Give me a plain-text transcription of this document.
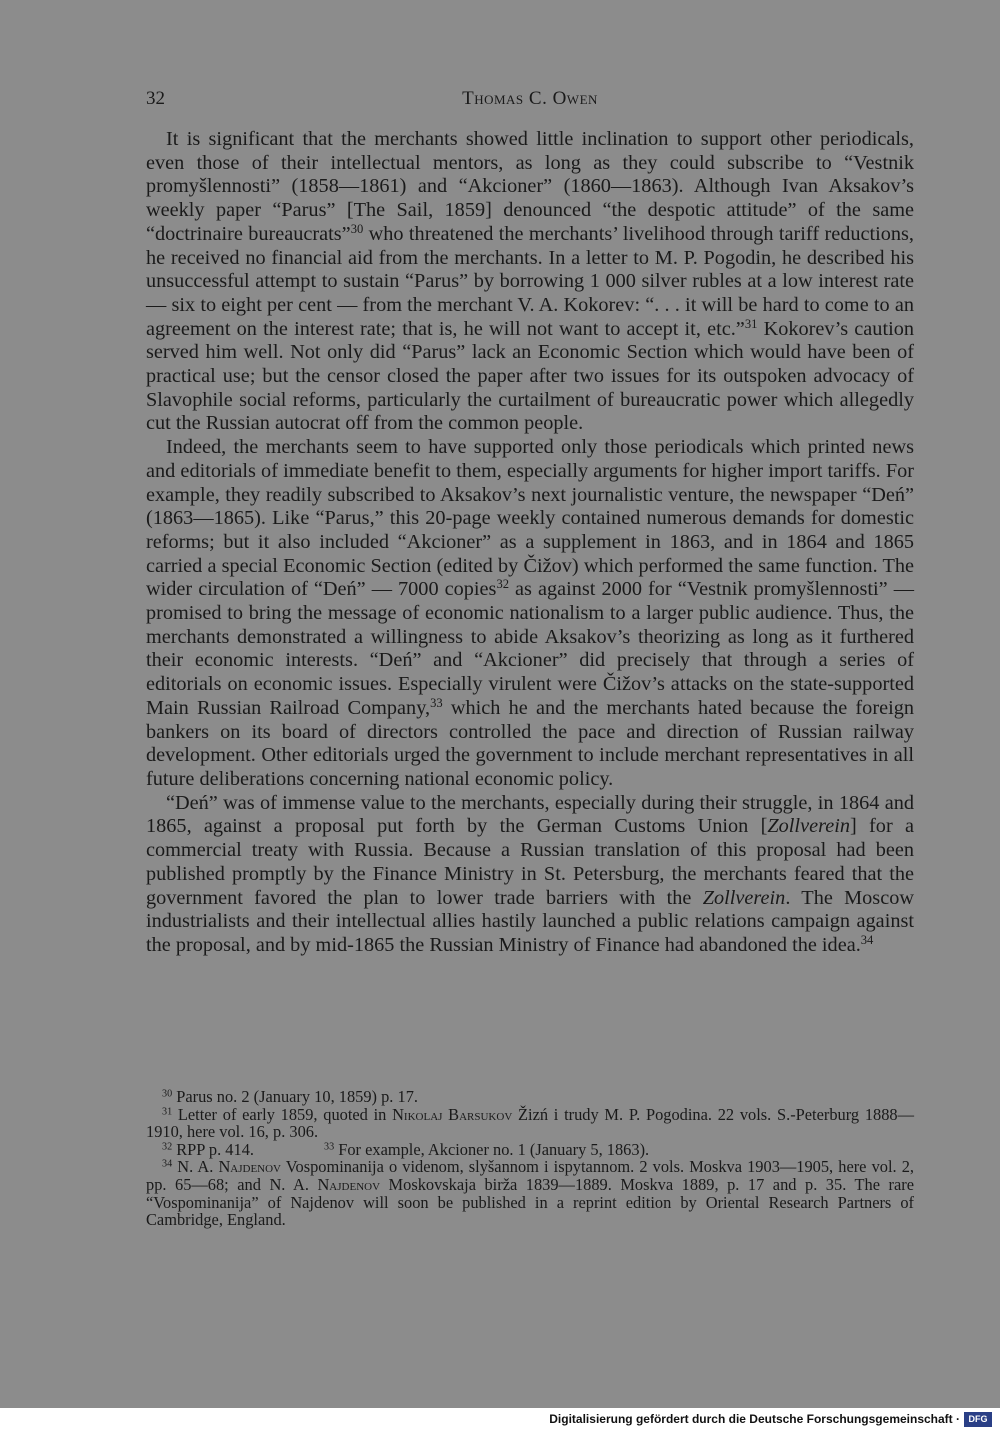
32	Thomas C. Owen

It is significant that the merchants showed little inclination to support other periodicals, even those of their intellectual mentors, as long as they could subscribe to “Vestnik promyšlennosti” (1858—1861) and “Akcioner” (1860—1863). Although Ivan Aksakov’s weekly paper “Parus” [The Sail, 1859] denounced “the despotic attitude” of the same “doctrinaire bureaucrats”$^{30}$ who threatened the merchants’ livelihood through tariff reductions, he received no financial aid from the merchants. In a letter to M. P. Pogodin, he described his unsuccessful attempt to sustain “Parus” by borrowing 1 000 silver rubles at a low interest rate — six to eight per cent — from the merchant V. A. Kokorev: “. . . it will be hard to come to an agreement on the interest rate; that is, he will not want to accept it, etc.”$^{31}$ Kokorev’s caution served him well. Not only did “Parus” lack an Economic Section which would have been of practical use; but the censor closed the paper after two issues for its outspoken advocacy of Slavophile social reforms, particularly the curtailment of bureaucratic power which allegedly cut the Russian autocrat off from the common people.

Indeed, the merchants seem to have supported only those periodicals which printed news and editorials of immediate benefit to them, especially arguments for higher import tariffs. For example, they readily subscribed to Aksakov’s next journalistic venture, the newspaper “Deń” (1863—1865). Like “Parus,” this 20-page weekly contained numerous demands for domestic reforms; but it also included “Akcioner” as a supplement in 1863, and in 1864 and 1865 carried a special Economic Section (edited by Čižov) which performed the same function. The wider circulation of “Deń” — 7000 copies$^{32}$ as against 2000 for “Vestnik promyšlennosti” — promised to bring the message of economic nationalism to a larger public audience. Thus, the merchants demonstrated a willingness to abide Aksakov’s theorizing as long as it furthered their economic interests. “Deń” and “Akcioner” did precisely that through a series of editorials on economic issues. Especially virulent were Čižov’s attacks on the state-supported Main Russian Railroad Company,$^{33}$ which he and the merchants hated because the foreign bankers on its board of directors controlled the pace and direction of Russian railway development. Other editorials urged the government to include merchant representatives in all future deliberations concerning national economic policy.

“Deń” was of immense value to the merchants, especially during their struggle, in 1864 and 1865, against a proposal put forth by the German Customs Union [Zollverein] for a commercial treaty with Russia. Because a Russian translation of this proposal had been published promptly by the Finance Ministry in St. Petersburg, the merchants feared that the government favored the plan to lower trade barriers with the Zollverein. The Moscow industrialists and their intellectual allies hastily launched a public relations campaign against the proposal, and by mid-1865 the Russian Ministry of Finance had abandoned the idea.$^{34}$

$^{30}$ Parus no. 2 (January 10, 1859) p. 17.

$^{31}$ Letter of early 1859, quoted in Nikolaj Barsukov Žizń i trudy M. P. Pogodina. 22 vols. S.-Peterburg 1888—1910, here vol. 16, p. 306.

$^{32}$ RPP p. 414.	$^{33}$ For example, Akcioner no. 1 (January 5, 1863).

$^{34}$ N. A. Najdenov Vospominanija o videnom, slyšannom i ispytannom. 2 vols. Moskva 1903—1905, here vol. 2, pp. 65—68; and N. A. Najdenov Moskovskaja birža 1839—1889. Moskva 1889, p. 17 and p. 35. The rare “Vospominanija” of Najdenov will soon be published in a reprint edition by Oriental Research Partners of Cambridge, England.

Digitalisierung gefördert durch die Deutsche Forschungsgemeinschaft · DFG
